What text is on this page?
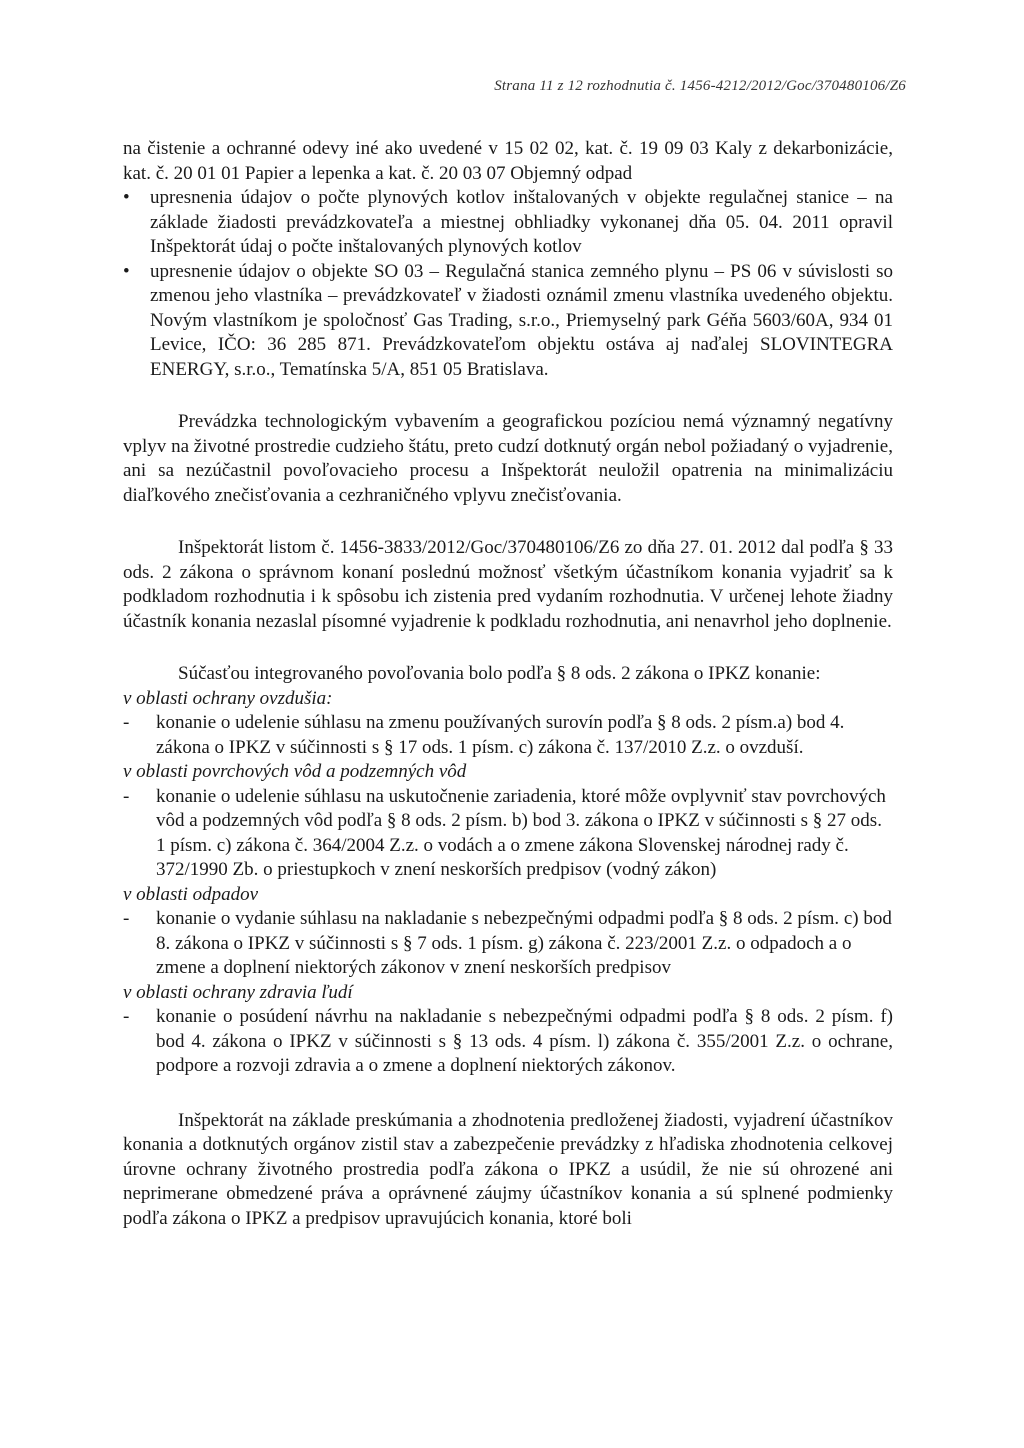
Strana 11 z 12 rozhodnutia č. 1456-4212/2012/Goc/370480106/Z6

na čistenie a ochranné odevy iné ako uvedené v 15 02 02, kat. č. 19 09 03 Kaly z dekarbonizácie, kat. č. 20 01 01 Papier a lepenka a kat. č. 20 03 07 Objemný odpad

• upresnenia údajov o počte plynových kotlov inštalovaných v objekte regulačnej stanice – na základe žiadosti prevádzkovateľa a miestnej obhliadky vykonanej dňa 05. 04. 2011 opravil Inšpektorát údaj o počte inštalovaných plynových kotlov
• upresnenie údajov o objekte SO 03 – Regulačná stanica zemného plynu – PS 06 v súvislosti so zmenou jeho vlastníka – prevádzkovateľ v žiadosti oznámil zmenu vlastníka uvedeného objektu. Novým vlastníkom je spoločnosť Gas Trading, s.r.o., Priemyselný park Géňa 5603/60A, 934 01 Levice, IČO: 36 285 871. Prevádzkovateľom objektu ostáva aj naďalej SLOVINTEGRA ENERGY, s.r.o., Tematínska 5/A, 851 05 Bratislava.

Prevádzka technologickým vybavením a geografickou pozíciou nemá významný negatívny vplyv na životné prostredie cudzieho štátu, preto cudzí dotknutý orgán nebol požiadaný o vyjadrenie, ani sa nezúčastnil povoľovacieho procesu a Inšpektorát neuložil opatrenia na minimalizáciu diaľkového znečisťovania a cezhraničného vplyvu znečisťovania.

Inšpektorát listom č. 1456-3833/2012/Goc/370480106/Z6 zo dňa 27. 01. 2012 dal podľa § 33 ods. 2 zákona o správnom konaní poslednú možnosť všetkým účastníkom konania vyjadriť sa k podkladom rozhodnutia i k spôsobu ich zistenia pred vydaním rozhodnutia. V určenej lehote žiadny účastník konania nezaslal písomné vyjadrenie k podkladu rozhodnutia, ani nenavrhol jeho doplnenie.

Súčasťou integrovaného povoľovania bolo podľa § 8 ods. 2 zákona o IPKZ konanie:

v oblasti ochrany ovzdušia:
- konanie o udelenie súhlasu na zmenu používaných surovín podľa § 8 ods. 2 písm.a) bod 4. zákona o IPKZ v súčinnosti s § 17 ods. 1 písm. c) zákona č. 137/2010 Z.z. o ovzduší.
v oblasti povrchových vôd a podzemných vôd
- konanie o udelenie súhlasu na uskutočnenie zariadenia, ktoré môže ovplyvniť stav povrchových vôd a podzemných vôd podľa § 8 ods. 2 písm. b) bod 3. zákona o IPKZ v súčinnosti s § 27 ods. 1 písm. c) zákona č. 364/2004 Z.z. o vodách a o zmene zákona Slovenskej národnej rady č. 372/1990 Zb. o priestupkoch v znení neskorších predpisov (vodný zákon)
v oblasti odpadov
- konanie o vydanie súhlasu na nakladanie s nebezpečnými odpadmi podľa § 8 ods. 2 písm. c) bod 8. zákona o IPKZ v súčinnosti s § 7 ods. 1 písm. g) zákona č. 223/2001 Z.z. o odpadoch a o zmene a doplnení niektorých zákonov v znení neskorších predpisov
v oblasti ochrany zdravia ľudí
- konanie o posúdení návrhu na nakladanie s nebezpečnými odpadmi podľa § 8 ods. 2 písm. f) bod 4. zákona o IPKZ v súčinnosti s § 13 ods. 4 písm. l) zákona č. 355/2001 Z.z. o ochrane, podpore a rozvoji zdravia a o zmene a doplnení niektorých zákonov.

Inšpektorát na základe preskúmania a zhodnotenia predloženej žiadosti, vyjadrení účastníkov konania a dotknutých orgánov zistil stav a zabezpečenie prevádzky z hľadiska zhodnotenia celkovej úrovne ochrany životného prostredia podľa zákona o IPKZ a usúdil, že nie sú ohrozené ani neprimerane obmedzené práva a oprávnené záujmy účastníkov konania a sú splnené podmienky podľa zákona o IPKZ a predpisov upravujúcich konania, ktoré boli
